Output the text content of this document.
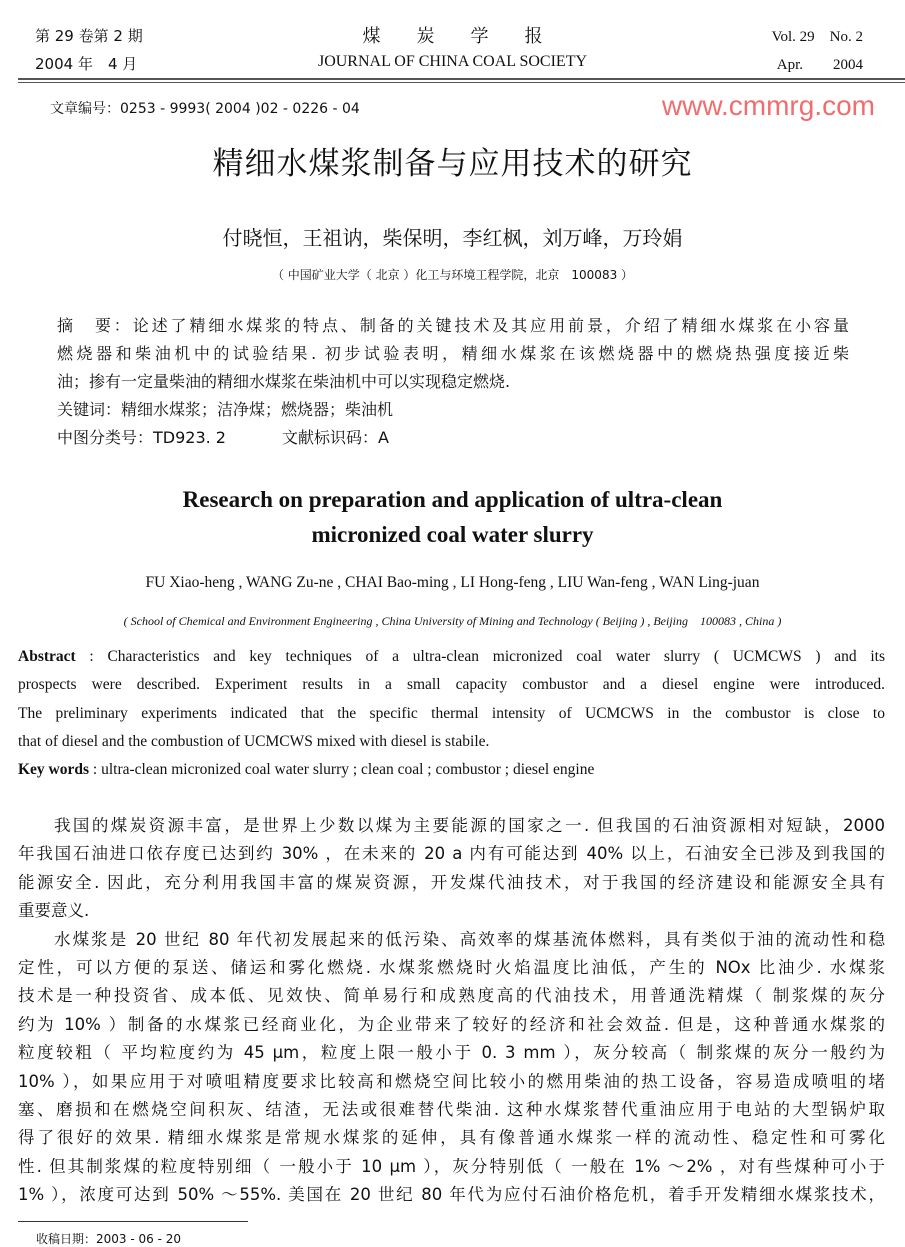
第 29 卷第 2 期
2004 年　4 月
煤　　炭　　学　　报
JOURNAL OF CHINA COAL SOCIETY
Vol. 29　No. 2
Apr.　　2004
文章编号：0253 - 9993( 2004 )02 - 0226 - 04
精细水煤浆制备与应用技术的研究
付晓恒，王祖讷，柴保明，李红枫，刘万峰，万玲娟
（ 中国矿业大学（ 北京 ）化工与环境工程学院，北京　100083 ）
摘　要：论述了精细水煤浆的特点、制备的关键技术及其应用前景，介绍了精细水煤浆在小容量
燃烧器和柴油机中的试验结果. 初步试验表明，精细水煤浆在该燃烧器中的燃烧热强度接近柴
油；掺有一定量柴油的精细水煤浆在柴油机中可以实现稳定燃烧.
关键词：精细水煤浆；洁净煤；燃烧器；柴油机
中图分类号：TD923. 2	文献标识码：A
Research on preparation and application of ultra-clean
micronized coal water slurry
FU Xiao-heng , WANG Zu-ne , CHAI Bao-ming , LI Hong-feng , LIU Wan-feng , WAN Ling-juan
( School of Chemical and Environment Engineering , China University of Mining and Technology ( Beijing ) , Beijing　100083 , China )
Abstract : Characteristics and key techniques of a ultra-clean micronized coal water slurry ( UCMCWS ) and its
prospects were described. Experiment results in a small capacity combustor and a diesel engine were introduced.
The preliminary experiments indicated that the specific thermal intensity of UCMCWS in the combustor is close to
that of diesel and the combustion of UCMCWS mixed with diesel is stabile.
Key words : ultra-clean micronized coal water slurry ; clean coal ; combustor ; diesel engine
我国的煤炭资源丰富，是世界上少数以煤为主要能源的国家之一. 但我国的石油资源相对短缺，2000
年我国石油进口依存度已达到约 30% ，在未来的 20 a 内有可能达到 40% 以上，石油安全已涉及到我国的
能源安全. 因此，充分利用我国丰富的煤炭资源，开发煤代油技术，对于我国的经济建设和能源安全具有
重要意义.
水煤浆是 20 世纪 80 年代初发展起来的低污染、高效率的煤基流体燃料，具有类似于油的流动性和稳
定性，可以方便的泵送、储运和雾化燃烧. 水煤浆燃烧时火焰温度比油低，产生的 NOx 比油少. 水煤浆
技术是一种投资省、成本低、见效快、简单易行和成熟度高的代油技术，用普通洗精煤（ 制浆煤的灰分
约为 10% ）制备的水煤浆已经商业化，为企业带来了较好的经济和社会效益. 但是，这种普通水煤浆的
粒度较粗（ 平均粒度约为 45 μm，粒度上限一般小于 0. 3 mm ），灰分较高（ 制浆煤的灰分一般约为
10% ），如果应用于对喷咀精度要求比较高和燃烧空间比较小的燃用柴油的热工设备，容易造成喷咀的堵
塞、磨损和在燃烧空间积灰、结渣，无法或很难替代柴油. 这种水煤浆替代重油应用于电站的大型锅炉取
得了很好的效果. 精细水煤浆是常规水煤浆的延伸，具有像普通水煤浆一样的流动性、稳定性和可雾化
性. 但其制浆煤的粒度特别细（ 一般小于 10 μm ），灰分特别低（ 一般在 1% ～2% ，对有些煤种可小于
1% ），浓度可达到 50% ～55%. 美国在 20 世纪 80 年代为应付石油价格危机，着手开发精细水煤浆技术，
收稿日期：2003 - 06 - 20
www.cmmrg.com
